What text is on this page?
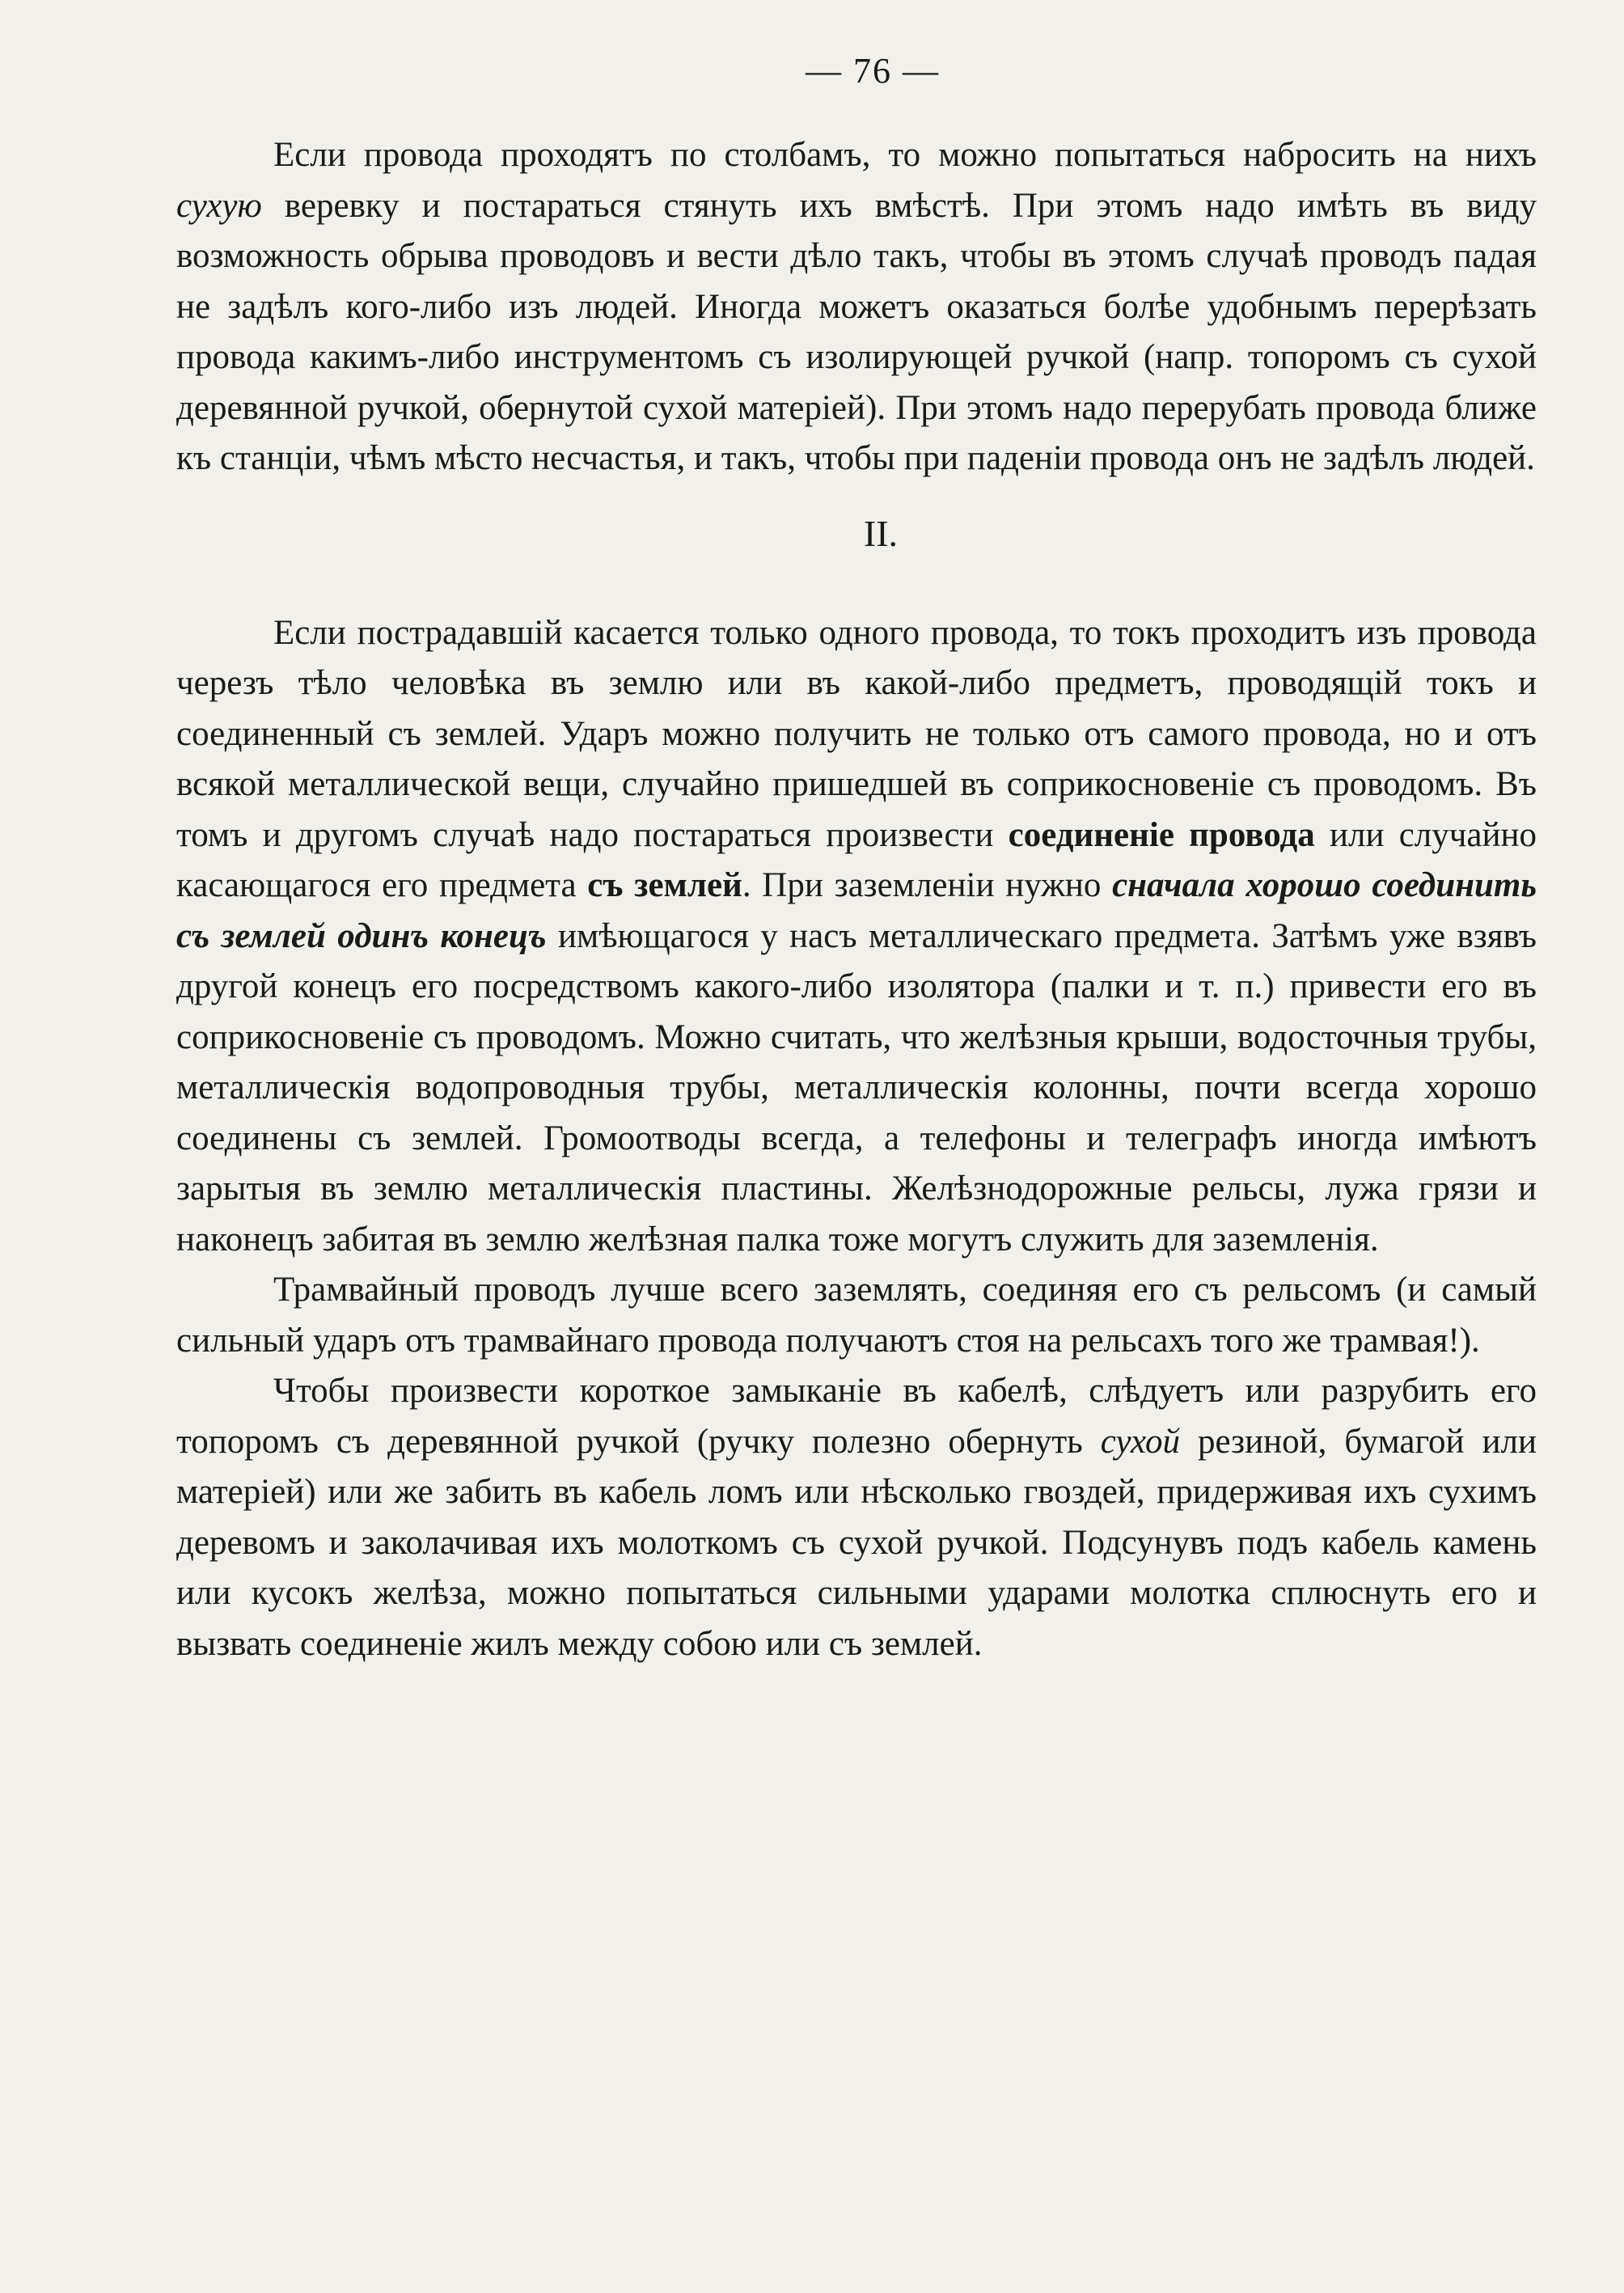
— 76 —

Если провода проходятъ по столбамъ, то можно попытаться набросить на нихъ сухую веревку и постараться стянуть ихъ вмѣстѣ. При этомъ надо имѣть въ виду возможность обрыва проводовъ и вести дѣло такъ, чтобы въ этомъ случаѣ проводъ падая не задѣлъ кого-либо изъ людей. Иногда можетъ оказаться болѣе удобнымъ перерѣзать провода какимъ-либо инструментомъ съ изолирующей ручкой (напр. топоромъ съ сухой деревянной ручкой, обернутой сухой матеріей). При этомъ надо перерубать провода ближе къ станціи, чѣмъ мѣсто несчастья, и такъ, чтобы при паденіи провода онъ не задѣлъ людей.

II.

Если пострадавшій касается только одного провода, то токъ проходитъ изъ провода черезъ тѣло человѣка въ землю или въ какой-либо предметъ, проводящій токъ и соединенный съ землей. Ударъ можно получить не только отъ самого провода, но и отъ всякой металлической вещи, случайно пришедшей въ соприкосновеніе съ проводомъ. Въ томъ и другомъ случаѣ надо постараться произвести соединеніе провода или случайно касающагося его предмета съ землей. При заземленіи нужно сначала хорошо соединить съ землей одинъ конецъ имѣющагося у насъ металлическаго предмета. Затѣмъ уже взявъ другой конецъ его посредствомъ какого-либо изолятора (палки и т. п.) привести его въ соприкосновеніе съ проводомъ. Можно считать, что желѣзныя крыши, водосточныя трубы, металлическія водопроводныя трубы, металлическія колонны, почти всегда хорошо соединены съ землей. Громоотводы всегда, а телефоны и телеграфъ иногда имѣютъ зарытыя въ землю металлическія пластины. Желѣзнодорожные рельсы, лужа грязи и наконецъ забитая въ землю желѣзная палка тоже могутъ служить для заземленія.

Трамвайный проводъ лучше всего заземлять, соединяя его съ рельсомъ (и самый сильный ударъ отъ трамвайнаго провода получаютъ стоя на рельсахъ того же трамвая!).

Чтобы произвести короткое замыканіе въ кабелѣ, слѣдуетъ или разрубить его топоромъ съ деревянной ручкой (ручку полезно обернуть сухой резиной, бумагой или матеріей) или же забить въ кабель ломъ или нѣсколько гвоздей, придерживая ихъ сухимъ деревомъ и заколачивая ихъ молоткомъ съ сухой ручкой. Подсунувъ подъ кабель камень или кусокъ желѣза, можно попытаться сильными ударами молотка сплюснуть его и вызвать соединеніе жилъ между собою или съ землей.
